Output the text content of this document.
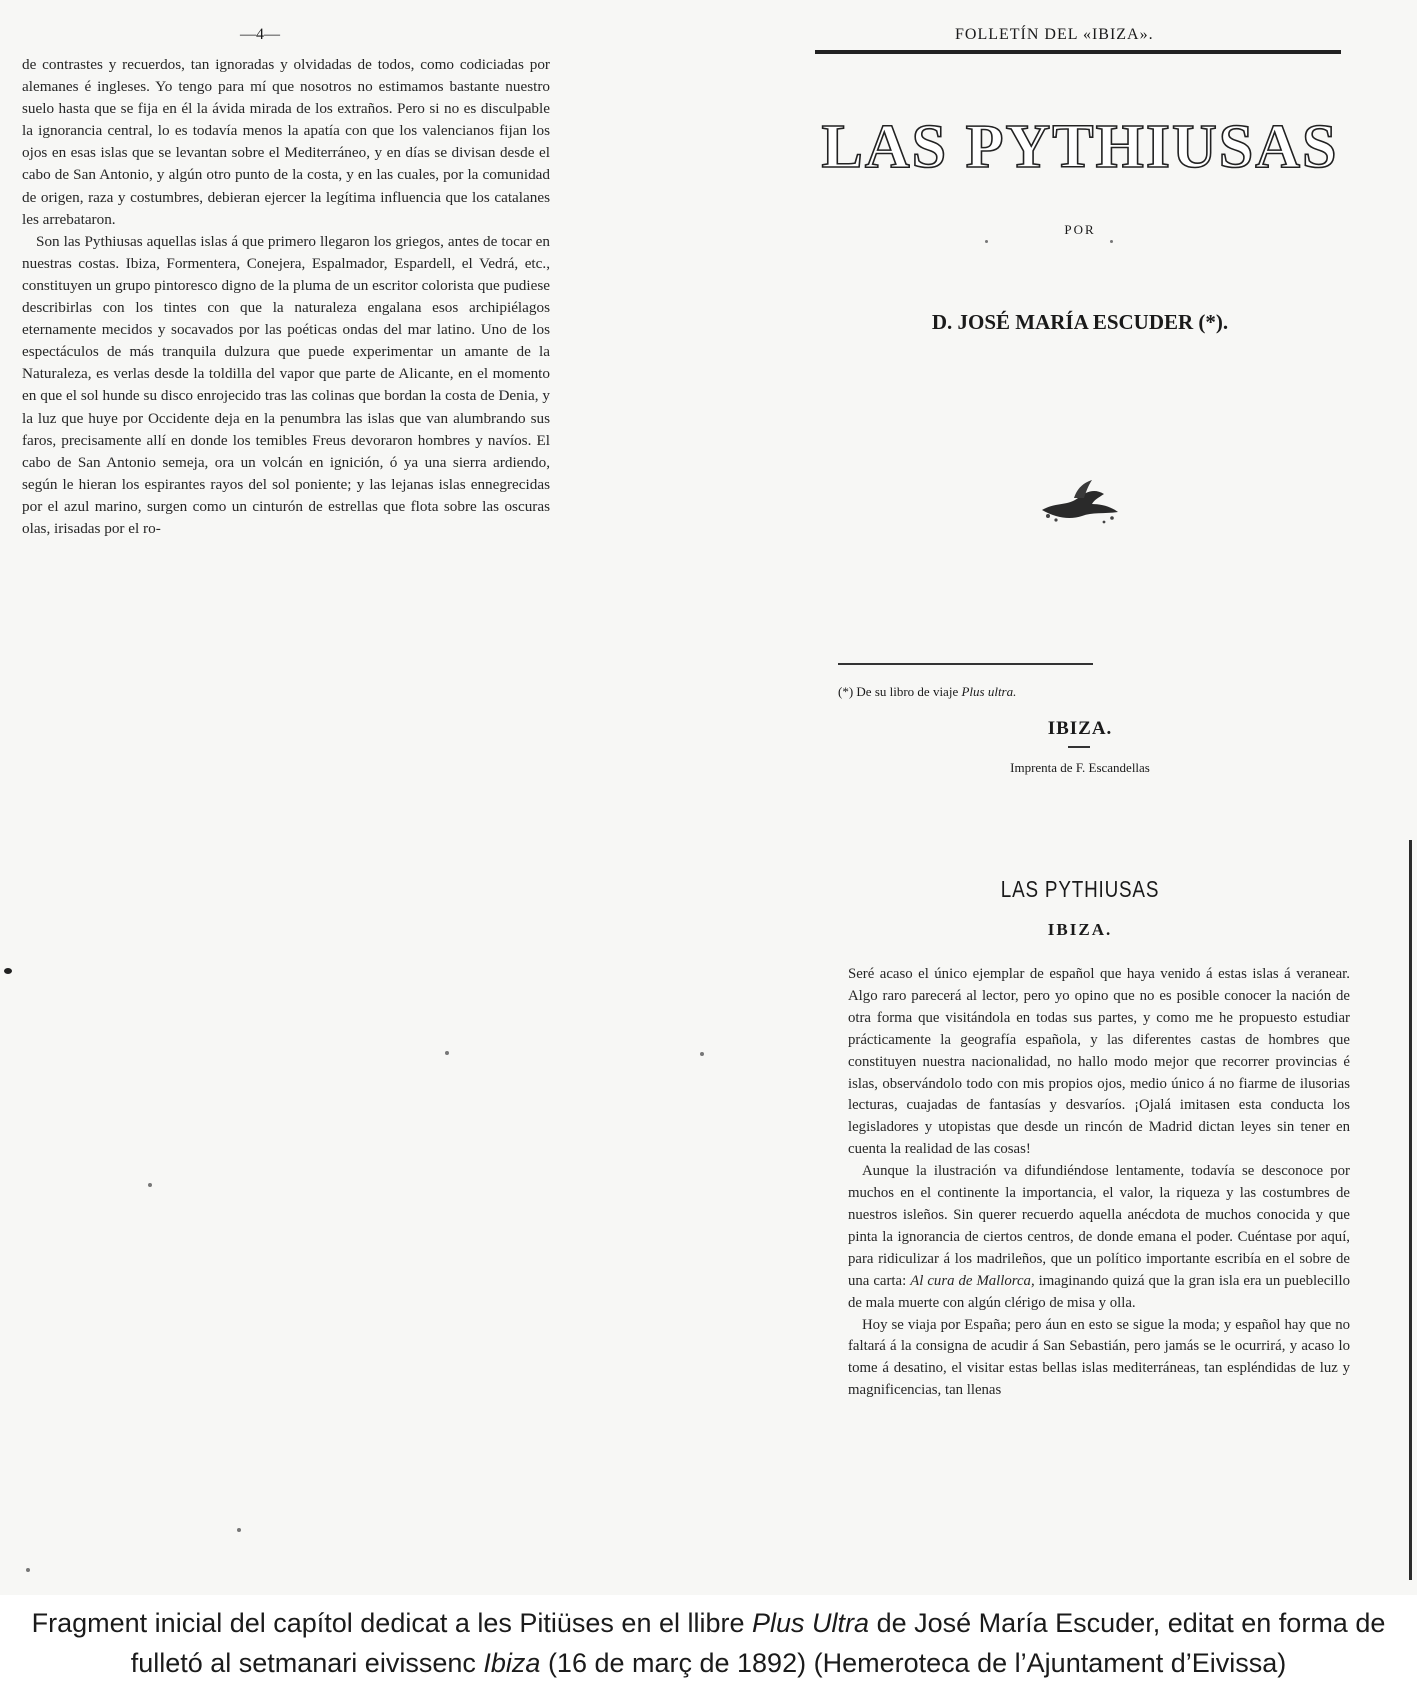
—4—

de contrastes y recuerdos, tan ignoradas y olvidadas de todos, como codiciadas por alemanes é ingleses. Yo tengo para mí que nosotros no estimamos bastante nuestro suelo hasta que se fija en él la ávida mirada de los extraños. Pero si no es disculpable la ignorancia central, lo es todavía menos la apatía con que los valencianos fijan los ojos en esas islas que se levantan sobre el Mediterráneo, y en días se divisan desde el cabo de San Antonio, y algún otro punto de la costa, y en las cuales, por la comunidad de origen, raza y costumbres, debieran ejercer la legítima influencia que los catalanes les arrebataron.

Son las Pythiusas aquellas islas á que primero llegaron los griegos, antes de tocar en nuestras costas. Ibiza, Formentera, Conejera, Espalmador, Espardell, el Vedrá, etc., constituyen un grupo pintoresco digno de la pluma de un escritor colorista que pudiese describirlas con los tintes con que la naturaleza engalana esos archipiélagos eternamente mecidos y socavados por las poéticas ondas del mar latino. Uno de los espectáculos de más tranquila dulzura que puede experimentar un amante de la Naturaleza, es verlas desde la toldilla del vapor que parte de Alicante, en el momento en que el sol hunde su disco enrojecido tras las colinas que bordan la costa de Denia, y la luz que huye por Occidente deja en la penumbra las islas que van alumbrando sus faros, precisamente allí en donde los temibles Freus devoraron hombres y navíos. El cabo de San Antonio semeja, ora un volcán en ignición, ó ya una sierra ardiendo, según le hieran los espirantes rayos del sol poniente; y las lejanas islas ennegrecidas por el azul marino, surgen como un cinturón de estrellas que flota sobre las oscuras olas, irisadas por el ro-

FOLLETÍN DEL «IBIZA».
LAS PYTHIUSAS
POR
D. JOSÉ MARÍA ESCUDER (*).
(*) De su libro de viaje Plus ultra.
IBIZA.
Imprenta de F. Escandellas
LAS PYTHIUSAS
IBIZA.

Seré acaso el único ejemplar de español que haya venido á estas islas á veranear. Algo raro parecerá al lector, pero yo opino que no es posible conocer la nación de otra forma que visitándola en todas sus partes, y como me he propuesto estudiar prácticamente la geografía española, y las diferentes castas de hombres que constituyen nuestra nacionalidad, no hallo modo mejor que recorrer provincias é islas, observándolo todo con mis propios ojos, medio único á no fiarme de ilusorias lecturas, cuajadas de fantasías y desvaríos. ¡Ojalá imitasen esta conducta los legisladores y utopistas que desde un rincón de Madrid dictan leyes sin tener en cuenta la realidad de las cosas!

Aunque la ilustración va difundiéndose lentamente, todavía se desconoce por muchos en el continente la importancia, el valor, la riqueza y las costumbres de nuestros isleños. Sin querer recuerdo aquella anécdota de muchos conocida y que pinta la ignorancia de ciertos centros, de donde emana el poder. Cuéntase por aquí, para ridiculizar á los madrileños, que un político importante escribía en el sobre de una carta: Al cura de Mallorca, imaginando quizá que la gran isla era un pueblecillo de mala muerte con algún clérigo de misa y olla.

Hoy se viaja por España; pero áun en esto se sigue la moda; y español hay que no faltará á la consigna de acudir á San Sebastián, pero jamás se le ocurrirá, y acaso lo tome á desatino, el visitar estas bellas islas mediterráneas, tan espléndidas de luz y magnificencias, tan llenas

Fragment inicial del capítol dedicat a les Pitiüses en el llibre Plus Ultra de José María Escuder, editat en forma de fulletó al setmanari eivissenc Ibiza (16 de març de 1892) (Hemeroteca de l’Ajuntament d’Eivissa)
